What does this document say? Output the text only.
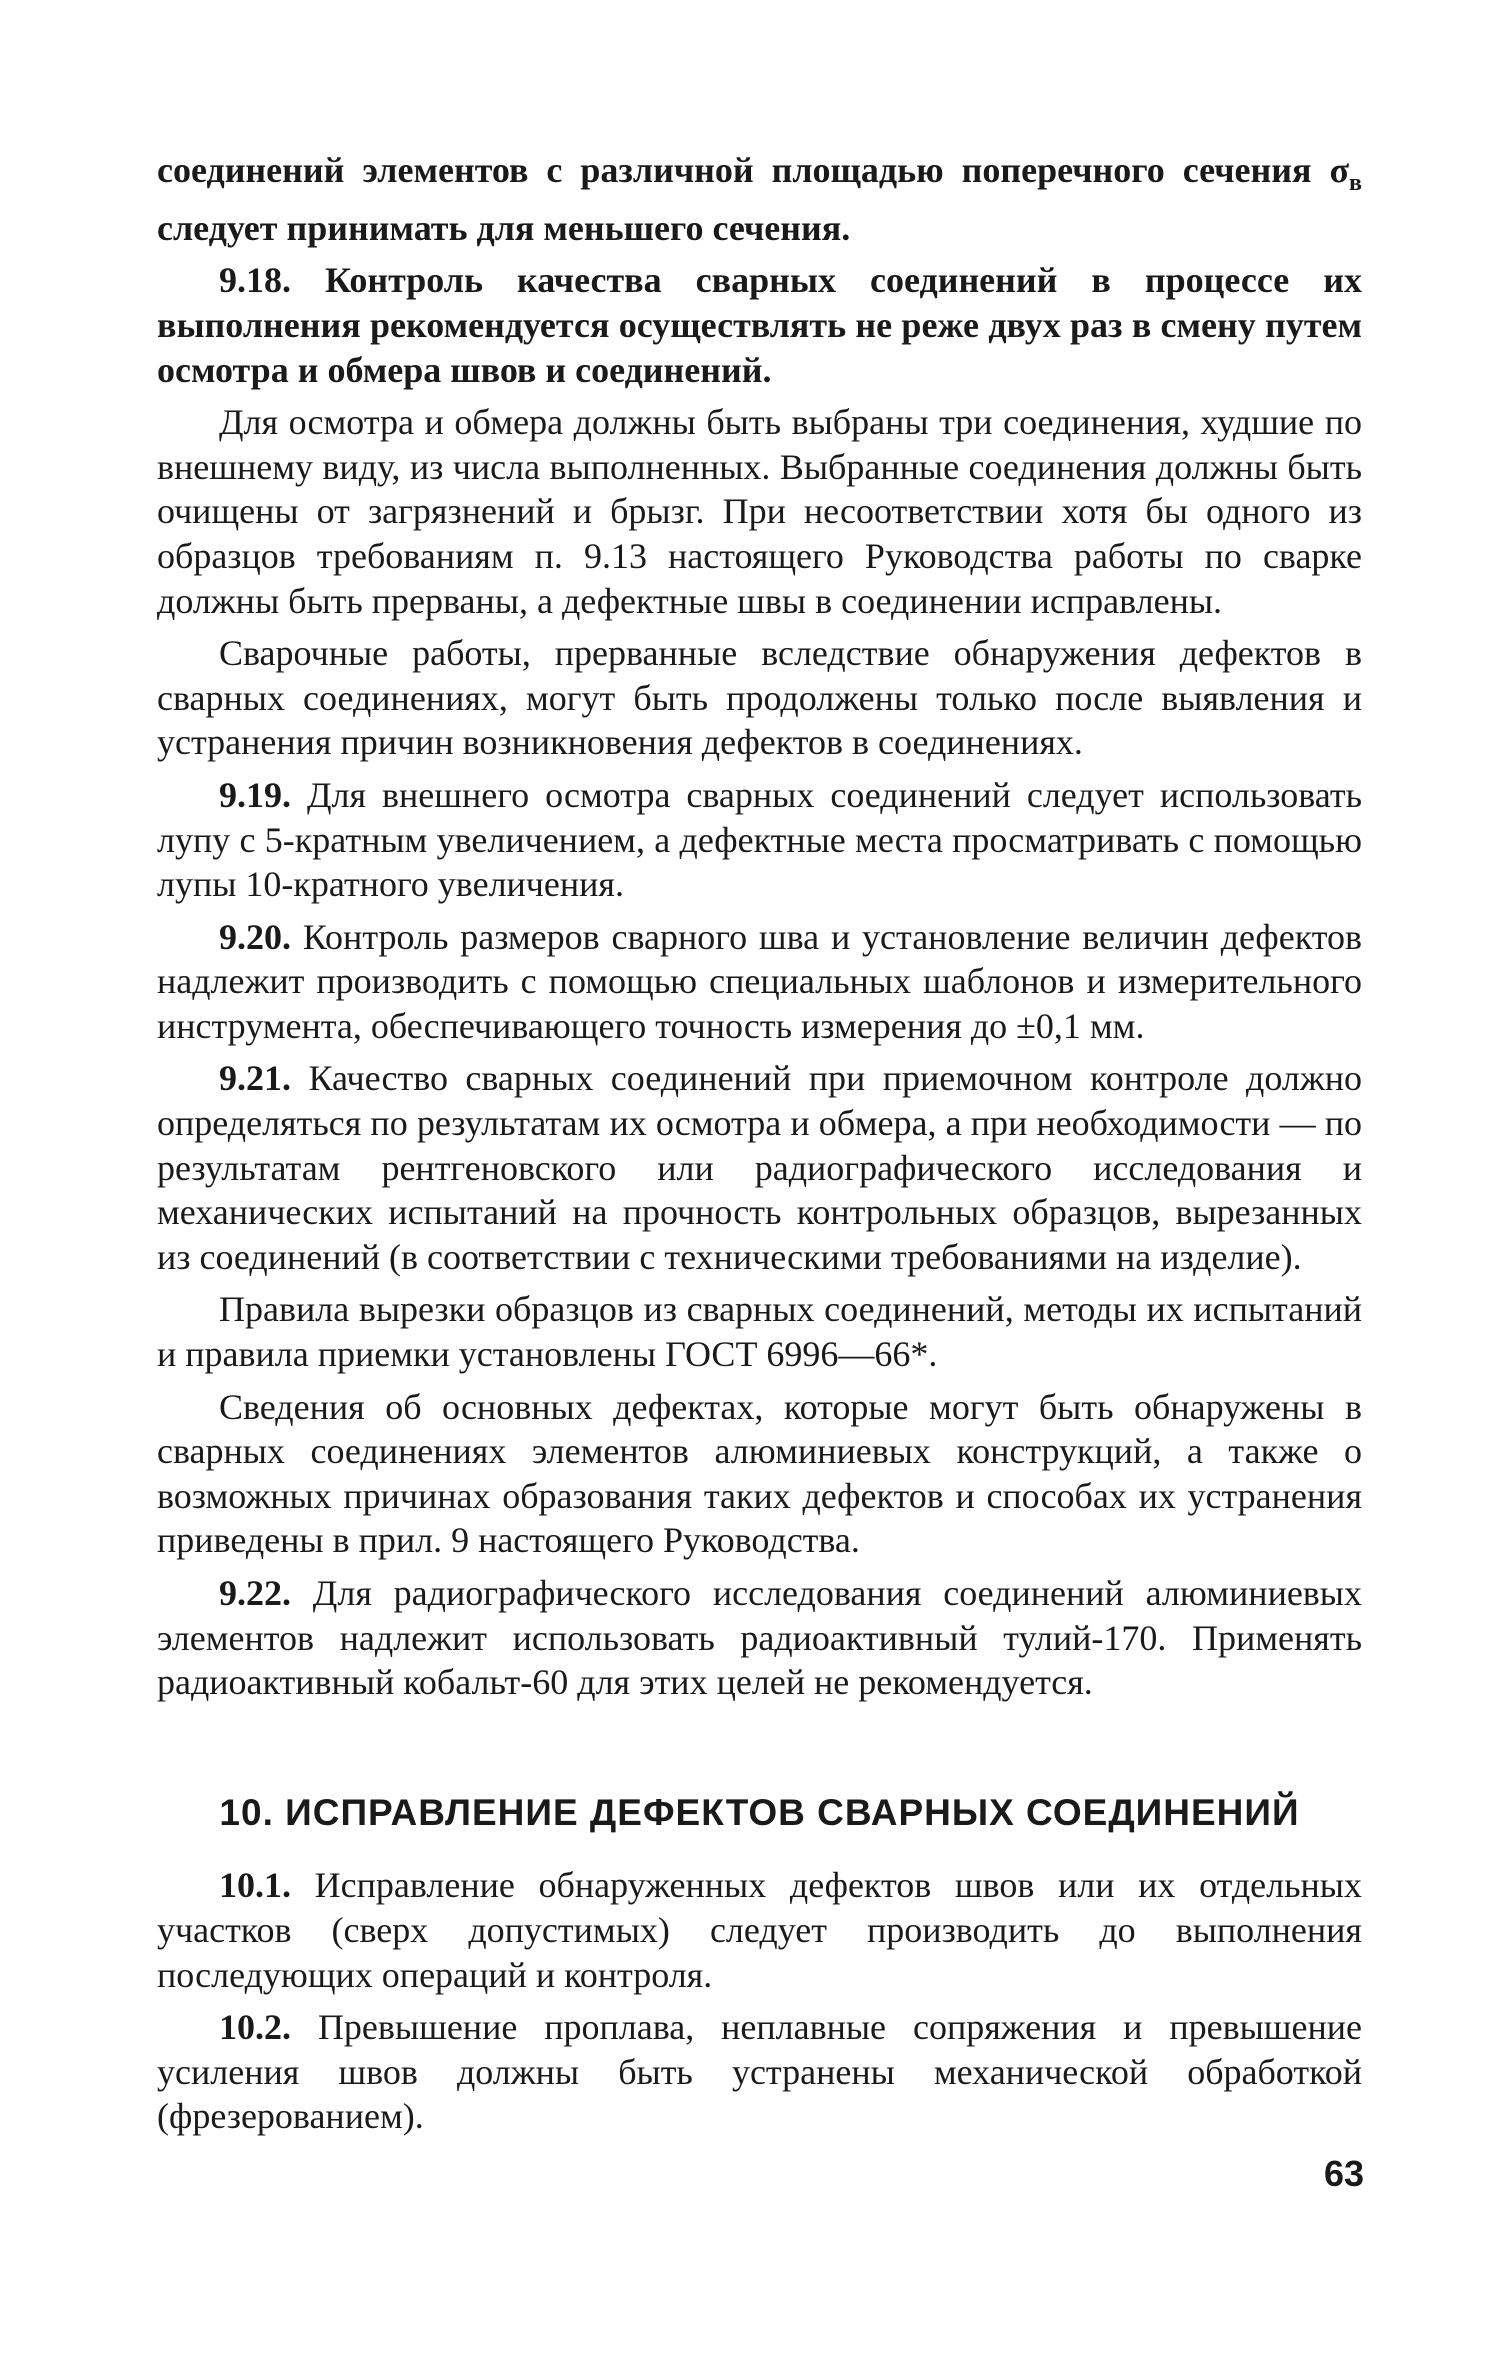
соединений элементов с различной площадью поперечного сечения $\sigma_в$ следует принимать для меньшего сечения.

9.18. Контроль качества сварных соединений в процессе их выполнения рекомендуется осуществлять не реже двух раз в смену путем осмотра и обмера швов и соединений.

Для осмотра и обмера должны быть выбраны три соединения, худшие по внешнему виду, из числа выполненных. Выбранные соединения должны быть очищены от загрязнений и брызг. При несоответствии хотя бы одного из образцов требованиям п. 9.13 настоящего Руководства работы по сварке должны быть прерваны, а дефектные швы в соединении исправлены.

Сварочные работы, прерванные вследствие обнаружения дефектов в сварных соединениях, могут быть продолжены только после выявления и устранения причин возникновения дефектов в соединениях.

9.19. Для внешнего осмотра сварных соединений следует использовать лупу с 5-кратным увеличением, а дефектные места просматривать с помощью лупы 10-кратного увеличения.

9.20. Контроль размеров сварного шва и установление величин дефектов надлежит производить с помощью специальных шаблонов и измерительного инструмента, обеспечивающего точность измерения до ±0,1 мм.

9.21. Качество сварных соединений при приемочном контроле должно определяться по результатам их осмотра и обмера, а при необходимости — по результатам рентгеновского или радиографического исследования и механических испытаний на прочность контрольных образцов, вырезанных из соединений (в соответствии с техническими требованиями на изделие).

Правила вырезки образцов из сварных соединений, методы их испытаний и правила приемки установлены ГОСТ 6996—66*.

Сведения об основных дефектах, которые могут быть обнаружены в сварных соединениях элементов алюминиевых конструкций, а также о возможных причинах образования таких дефектов и способах их устранения приведены в прил. 9 настоящего Руководства.

9.22. Для радиографического исследования соединений алюминиевых элементов надлежит использовать радиоактивный тулий-170. Применять радиоактивный кобальт-60 для этих целей не рекомендуется.

10. ИСПРАВЛЕНИЕ ДЕФЕКТОВ СВАРНЫХ СОЕДИНЕНИЙ

10.1. Исправление обнаруженных дефектов швов или их отдельных участков (сверх допустимых) следует производить до выполнения последующих операций и контроля.

10.2. Превышение проплава, неплавные сопряжения и превышение усиления швов должны быть устранены механической обработкой (фрезерованием).

63
